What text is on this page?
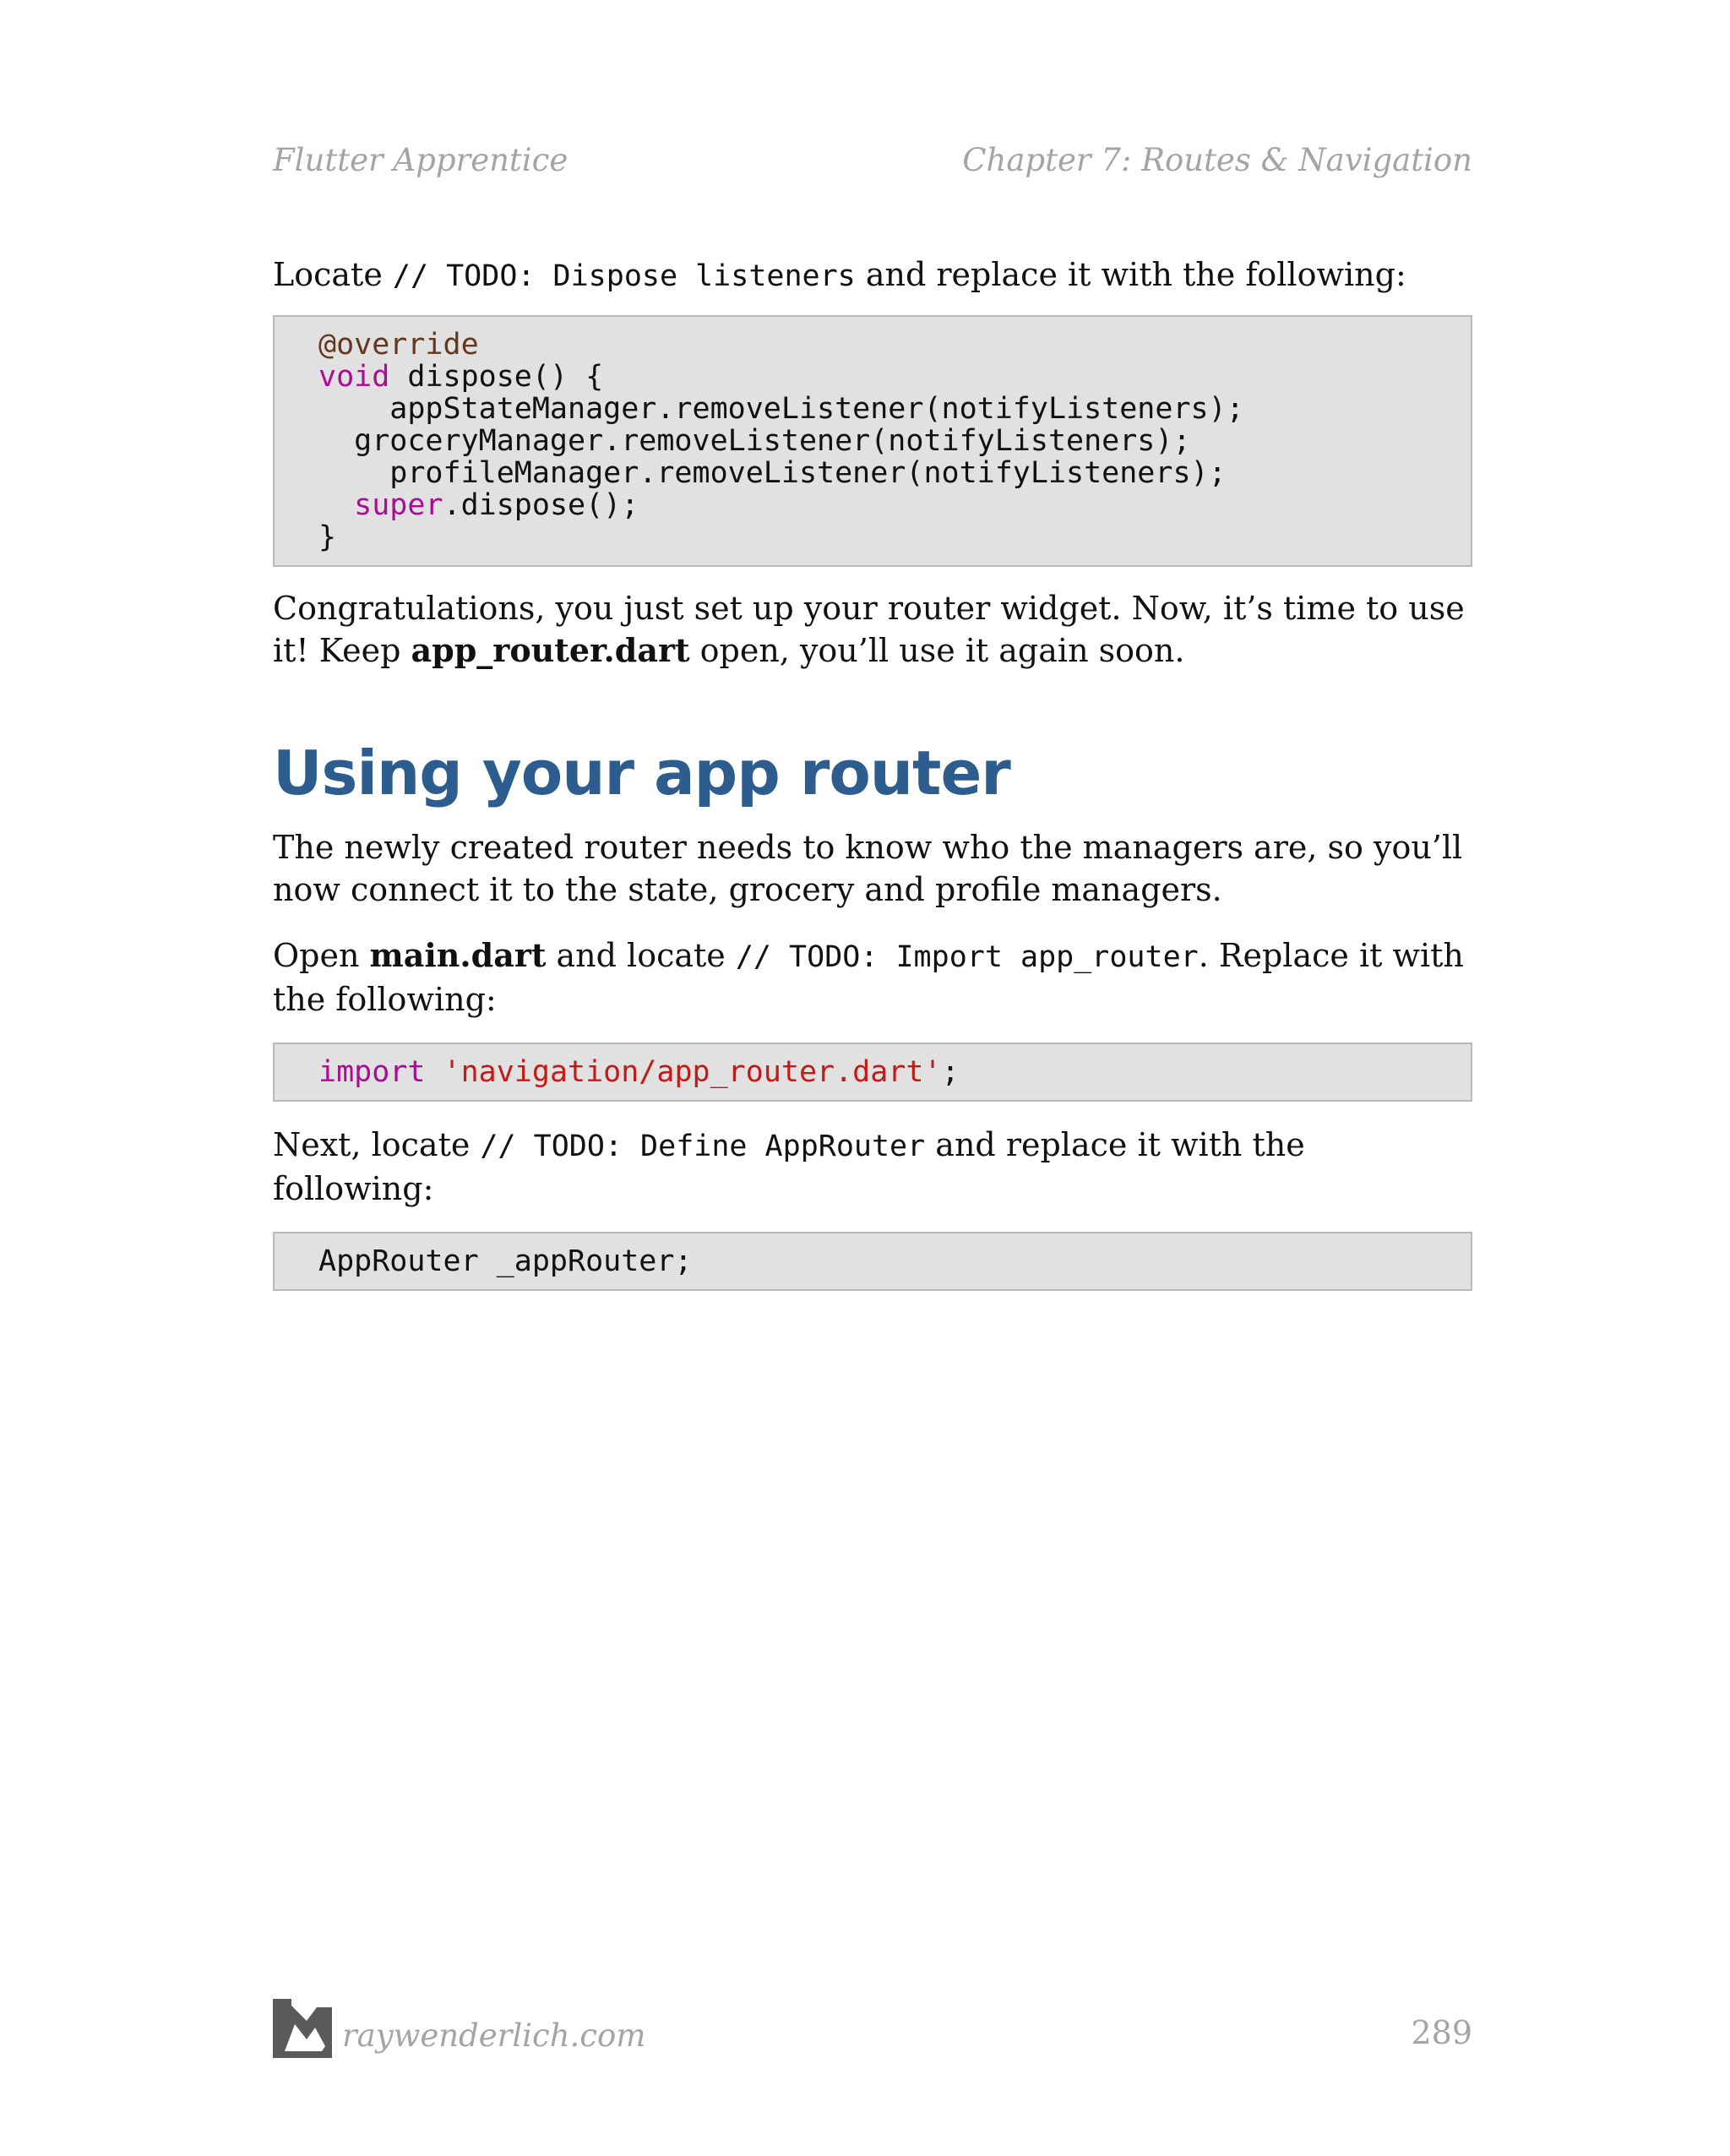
Flutter Apprentice	Chapter 7: Routes & Navigation

Locate // TODO: Dispose listeners and replace it with the following:

@override
void dispose() {
appStateManager.removeListener(notifyListeners);
groceryManager.removeListener(notifyListeners);
profileManager.removeListener(notifyListeners);
super.dispose();
}

Congratulations, you just set up your router widget. Now, it’s time to use it! Keep app_router.dart open, you’ll use it again soon.

Using your app router

The newly created router needs to know who the managers are, so you’ll now connect it to the state, grocery and profile managers.

Open main.dart and locate // TODO: Import app_router. Replace it with the following:

import 'navigation/app_router.dart';

Next, locate // TODO: Define AppRouter and replace it with the following:

AppRouter _appRouter;
raywenderlich.com	289
